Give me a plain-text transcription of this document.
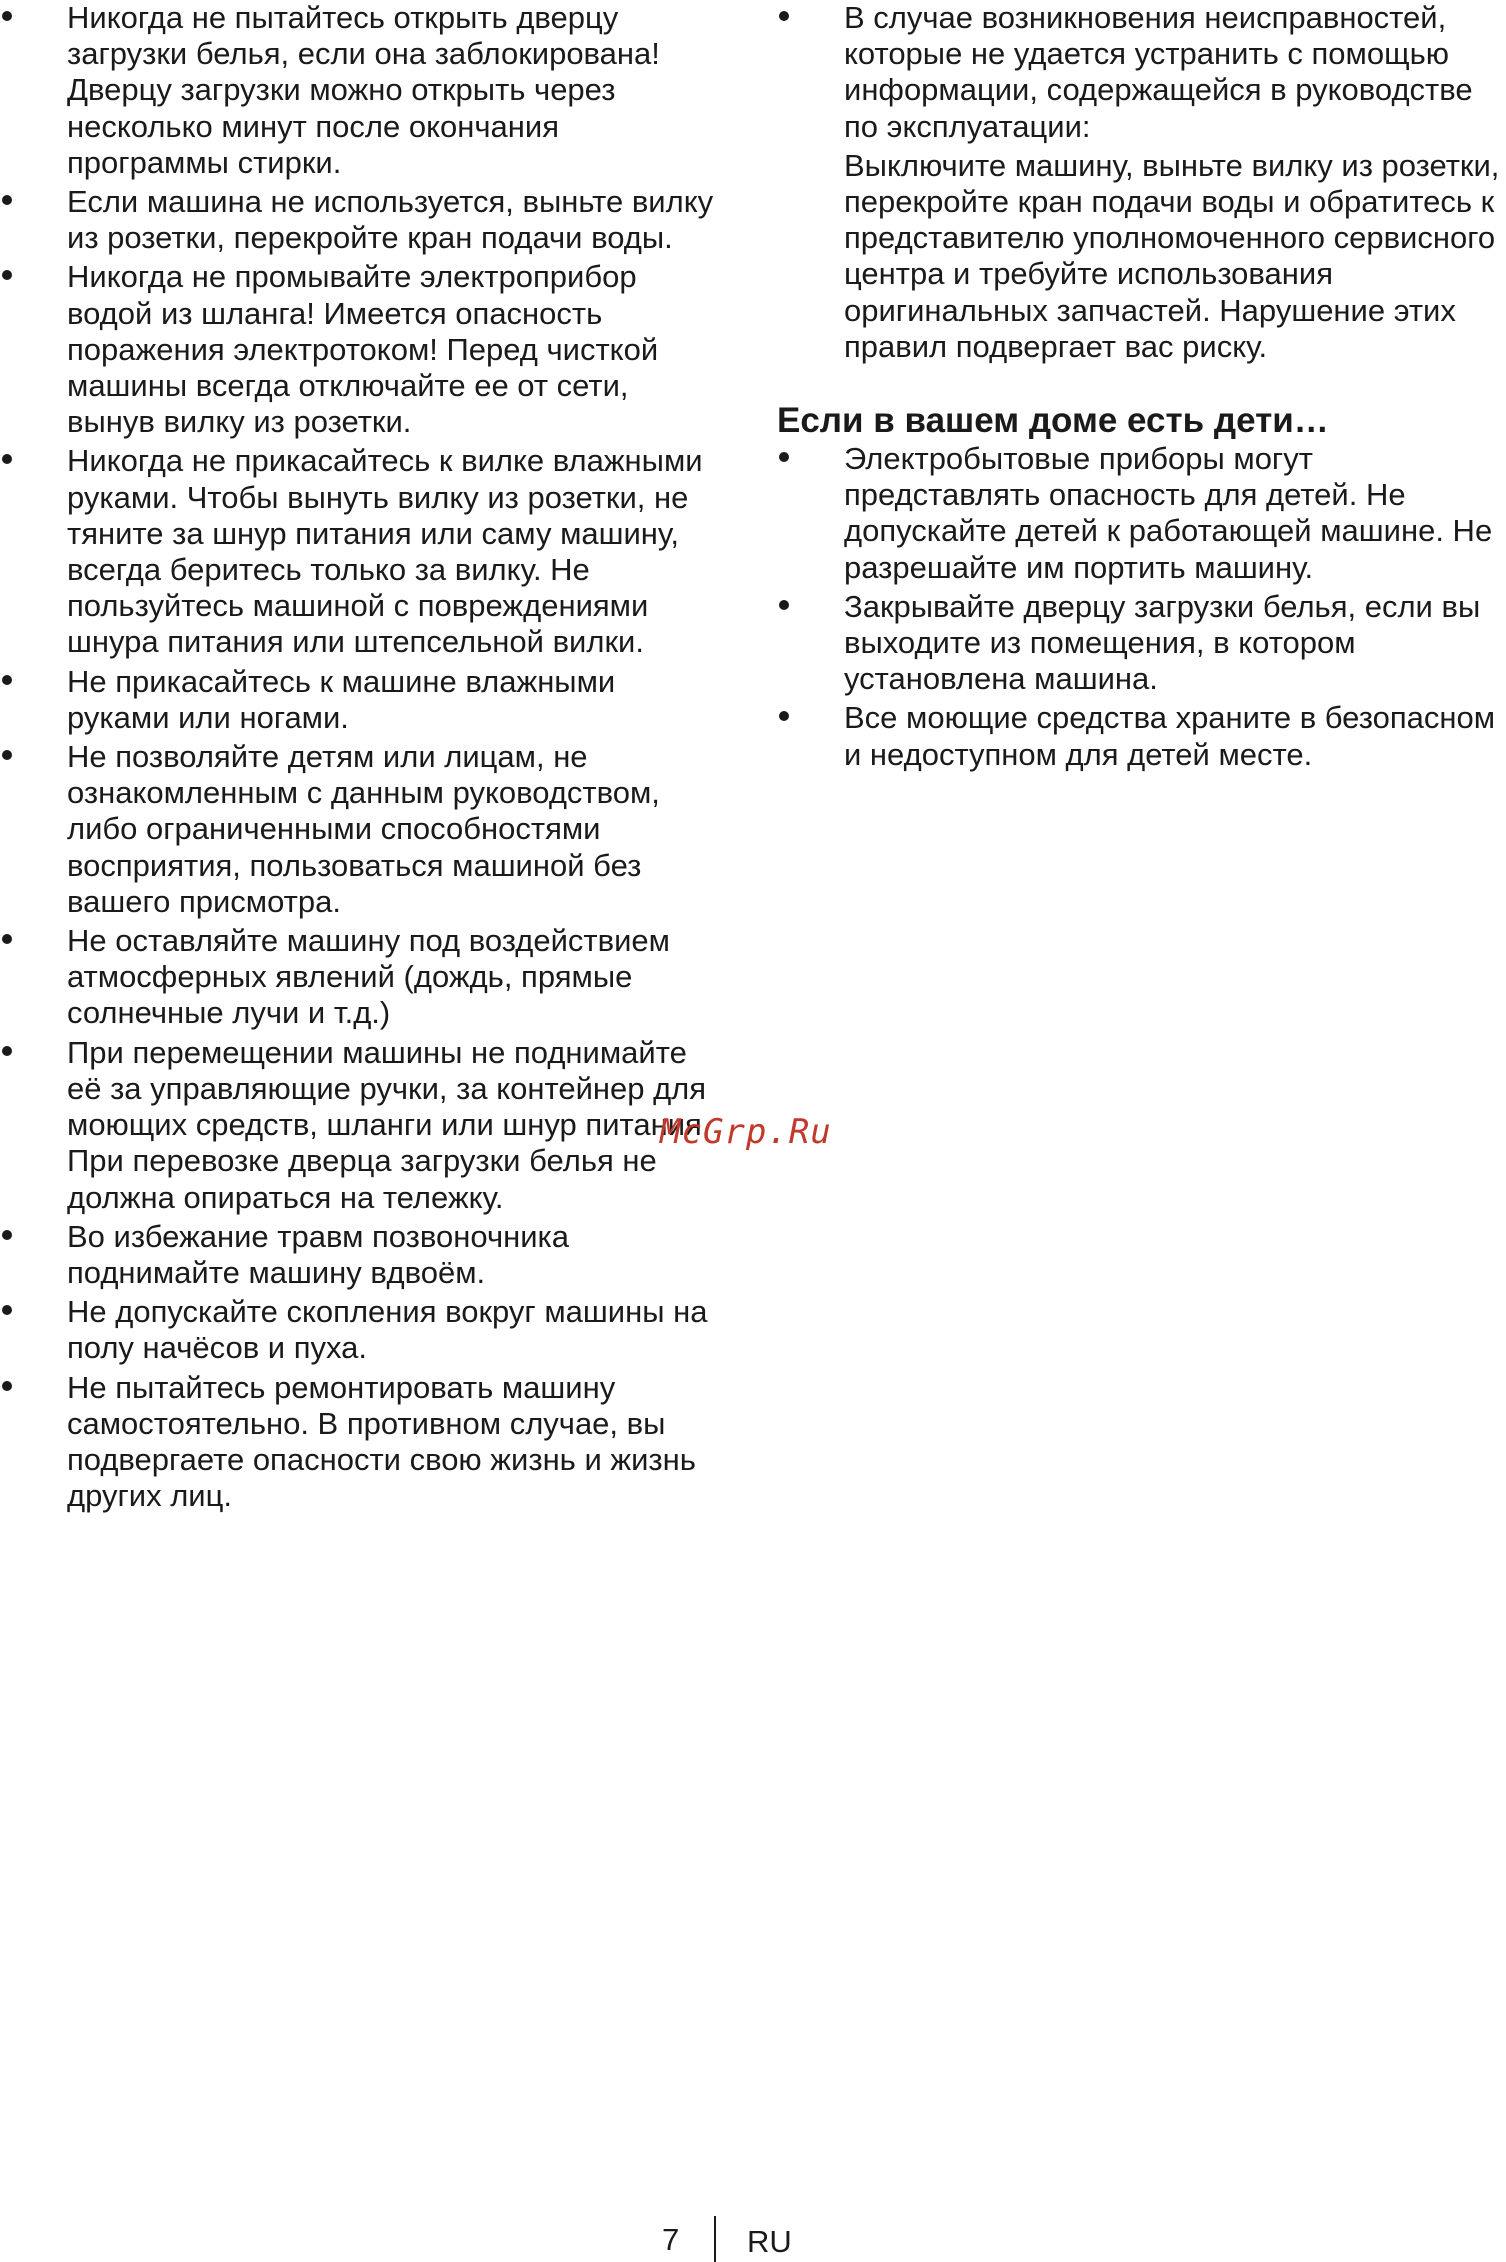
Никогда не пытайтесь открыть дверцу загрузки белья, если она заблокирована! Дверцу загрузки можно открыть через несколько минут после окончания программы стирки.
Если машина не используется, выньте вилку из розетки, перекройте кран подачи воды.
Никогда не промывайте электроприбор водой из шланга! Имеется опасность поражения электротоком! Перед чисткой машины всегда отключайте ее от сети, вынув вилку из розетки.
Никогда не прикасайтесь к вилке влажными руками. Чтобы вынуть вилку из розетки, не тяните за шнур питания или саму машину, всегда беритесь только за вилку. Не пользуйтесь машиной с повреждениями шнура питания или штепсельной вилки.
Не прикасайтесь к машине влажными руками или ногами.
Не позволяйте детям или лицам, не ознакомленным с данным руководством, либо ограниченными способностями восприятия, пользоваться машиной без вашего присмотра.
Не оставляйте машину под воздействием атмосферных явлений (дождь, прямые солнечные лучи и т.д.)
При перемещении машины не поднимайте её за управляющие ручки, за контейнер для моющих средств, шланги или шнур питания. При перевозке дверца загрузки белья не должна опираться на тележку.
Во избежание травм позвоночника поднимайте машину вдвоём.
Не допускайте скопления вокруг машины на полу начёсов и пуха.
Не пытайтесь ремонтировать машину самостоятельно. В противном случае, вы подвергаете опасности свою жизнь и жизнь других лиц.
В случае возникновения неисправностей, которые не удается устранить с помощью информации, содержащейся в руководстве по эксплуатации:
Выключите машину, выньте вилку из розетки, перекройте кран подачи воды и обратитесь к представителю уполномоченного сервисного центра и требуйте использования оригинальных запчастей. Нарушение этих правил подвергает вас риску.
Если в вашем доме есть дети…
Электробытовые приборы могут представлять опасность для детей. Не допускайте детей к работающей машине. Не разрешайте им портить машину.
Закрывайте дверцу загрузки белья, если вы выходите из помещения, в котором установлена машина.
Все моющие средства храните в безопасном и недоступном для детей месте.
McGrp.Ru
7 RU
